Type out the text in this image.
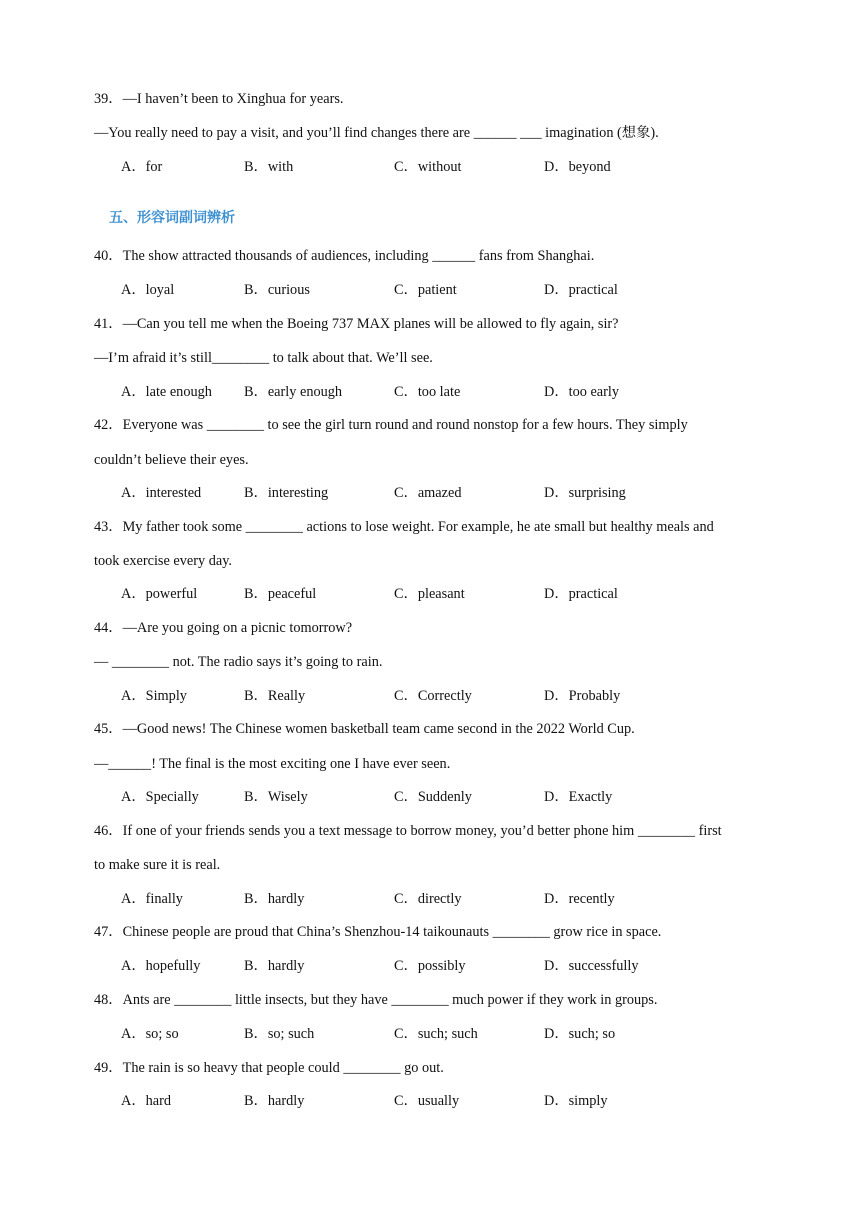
39．—I haven’t been to Xinghua for years.
—You really need to pay a visit, and you’ll find changes there are ______ ___ imagination (想象).
A．for	B．with	C．without	D．beyond
五、形容词副词辨析
40．The show attracted thousands of audiences, including ______ fans from Shanghai.
A．loyal	B．curious	C．patient	D．practical
41．—Can you tell me when the Boeing 737 MAX planes will be allowed to fly again, sir?
—I’m afraid it’s still________ to talk about that. We’ll see.
A．late enough B．early enough	C．too late	D．too early
42．Everyone was ________ to see the girl turn round and round nonstop for a few hours. They simply
couldn’t believe their eyes.
A．interested	B．interesting	C．amazed	D．surprising
43．My father took some ________ actions to lose weight. For example, he ate small but healthy meals and
took exercise every day.
A．powerful	B．peaceful	C．pleasant	D．practical
44．—Are you going on a picnic tomorrow?
— ________ not. The radio says it’s going to rain.
A．Simply	B．Really	C．Correctly	D．Probably
45．—Good news! The Chinese women basketball team came second in the 2022 World Cup.
—______! The final is the most exciting one I have ever seen.
A．Specially	B．Wisely	C．Suddenly	D．Exactly
46．If one of your friends sends you a text message to borrow money, you’d better phone him ________ first
to make sure it is real.
A．finally	B．hardly	C．directly	D．recently
47．Chinese people are proud that China’s Shenzhou-14 taikounauts ________ grow rice in space.
A．hopefully	B．hardly	C．possibly	D．successfully
48．Ants are ________ little insects, but they have ________ much power if they work in groups.
A．so; so	B．so; such	C．such; such	D．such; so
49．The rain is so heavy that people could ________ go out.
A．hard	B．hardly	C．usually	D．simply
